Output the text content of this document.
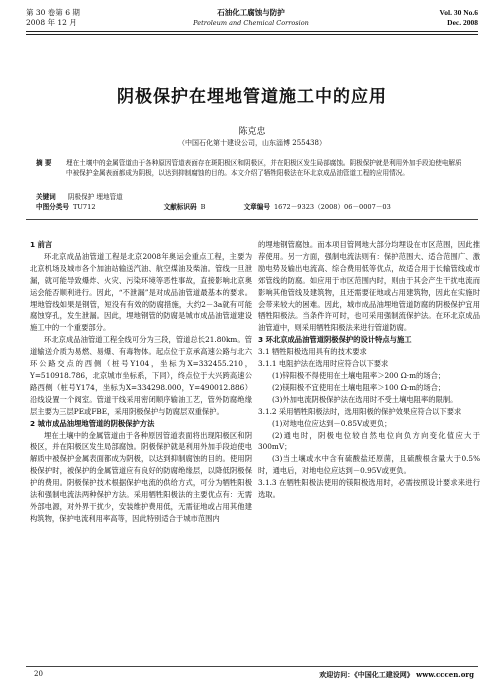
第 30 卷第 6 期
2008 年 12 月
石油化工腐蚀与防护
Petroleum and Chemical Corrosion
Vol. 30 No.6
Dec. 2008
阴极保护在埋地管道施工中的应用
陈克忠
（中国石化第十建设公司，山东淄博 255438）
摘 要 埋在土壤中的金属管道由于各种原因管道表面存在斑阳极区和阴极区，并在阳极区发生局部腐蚀。阴极保护就是利用外加手段迫使电解质中被保护金属表面都成为阴极，以达到抑制腐蚀的目的。本文介绍了牺牲阳极法在环北京成品油管道工程的应用情况。
关键词 阴极保护 埋地管道
中图分类号 TU712	文献标识码 B	文章编号 1672－9323（2008）06－0007－03
1 前言

环北京成品油管道工程是北京2008年奥运会重点工程，主要为北京机场及城市各个加油站输送汽油、航空煤油及柴油。管线一旦泄漏，就可能导致爆炸、火灾、污染环境等恶性事故，直接影响北京奥运会能否顺利进行。因此，“不泄漏”是对成品油管道最基本的要求。埋地管线如果是钢管，短没有有效的防腐措施，大约2－3a就有可能腐蚀穿孔，发生泄漏。因此，埋地钢管的防腐是城市成品油管道建设施工中的一个重要部分。

环北京成品油管道工程全线可分为三段，管道总长21.80km。管道输送介质为易燃、易爆、有毒物体。起点位于京承高速公路与北六环公路交点的西侧（桩号Y104，坐标为X=332455.210，Y=510918.786，北京城市坐标系，下同），终点位于大兴跨高速公路西侧（桩号Y174，坐标为X=334298.000，Y=490012.886）沿线设置一个阀室。管道干线采用密闭顺序输油工艺，管外防腐绝缘层主要为三层PE或FBE，采用阴极保护与防腐层双重保护。

2 城市成品油埋地管道的阴极保护方法

埋在土壤中的金属管道由于各种原因管道表面将出现阳极区和阴极区，并在阳极区发生局部腐蚀。阴极保护就是利用外加手段迫使电解质中被保护金属表面都成为阴极，以达到抑制腐蚀的目的。使用阴极保护时，被保护的金属管道应有良好的防腐绝缘层，以降低阴极保护的费用。阴极保护技术根据保护电流的供给方式，可分为牺牲阳极法和强制电流法两种保护方法。采用牺牲阳极法的主要优点有：无需外部电源，对外界干扰少，安装维护费用低，无需征地或占用其他建构筑物，保护电流利用率高等，因此特别适合于城市范围内

的埋地钢管腐蚀。而本项目管网地大部分均埋设在市区范围，因此推荐使用。另一方面，强制电流法则有：保护范围大、适合范围广、激励电势及输出电流高、综合费用低等优点，故适合用于长输管线或市郊管线的防腐。如应用于市区范围内时，则由于其会产生干扰电流而影响其他管线及建筑物，且还需要征地或占用建筑物，因此在实施时会带来较大的困难。因此，城市成品油埋地管道防腐的阴极保护宜用牺牲阳极法。当条件许可时，也可采用强制流保护法。在环北京成品油管道中，则采用牺牲阳极法来进行管道防腐。

3 环北京成品油管道阴极保护的设计特点与施工

3.1 牺牲阳极选用具有的技术要求

3.1.1 电阻护法在选用时应符合以下要求

(1)锌阳极不得使用在土壤电阻率＞200 Ω·m的场合；

(2)镁阳极不宜使用在土壤电阻率＞100 Ω·m的场合；

(3)外加电流阴极保护法在选用时不受土壤电阻率的限制。

3.1.2 采用牺牲阳极法时，选用阳极的保护效果应符合以下要求

(1)对地电位应达到－0.85V或更负；

(2)通电时，阴极电位较自然电位向负方向变化值应大于300mV；

(3)当土壤或水中含有硫酸盐还原菌，且硫酸根含量大于0.5%时，通电后，对地电位应达到－0.95V或更负。

3.1.3 在牺牲阳极法使用的镁阳极选用时，必需按照设计要求来进行选取。

20	欢迎访问：《中国化工建设网》 www.cccen.org
